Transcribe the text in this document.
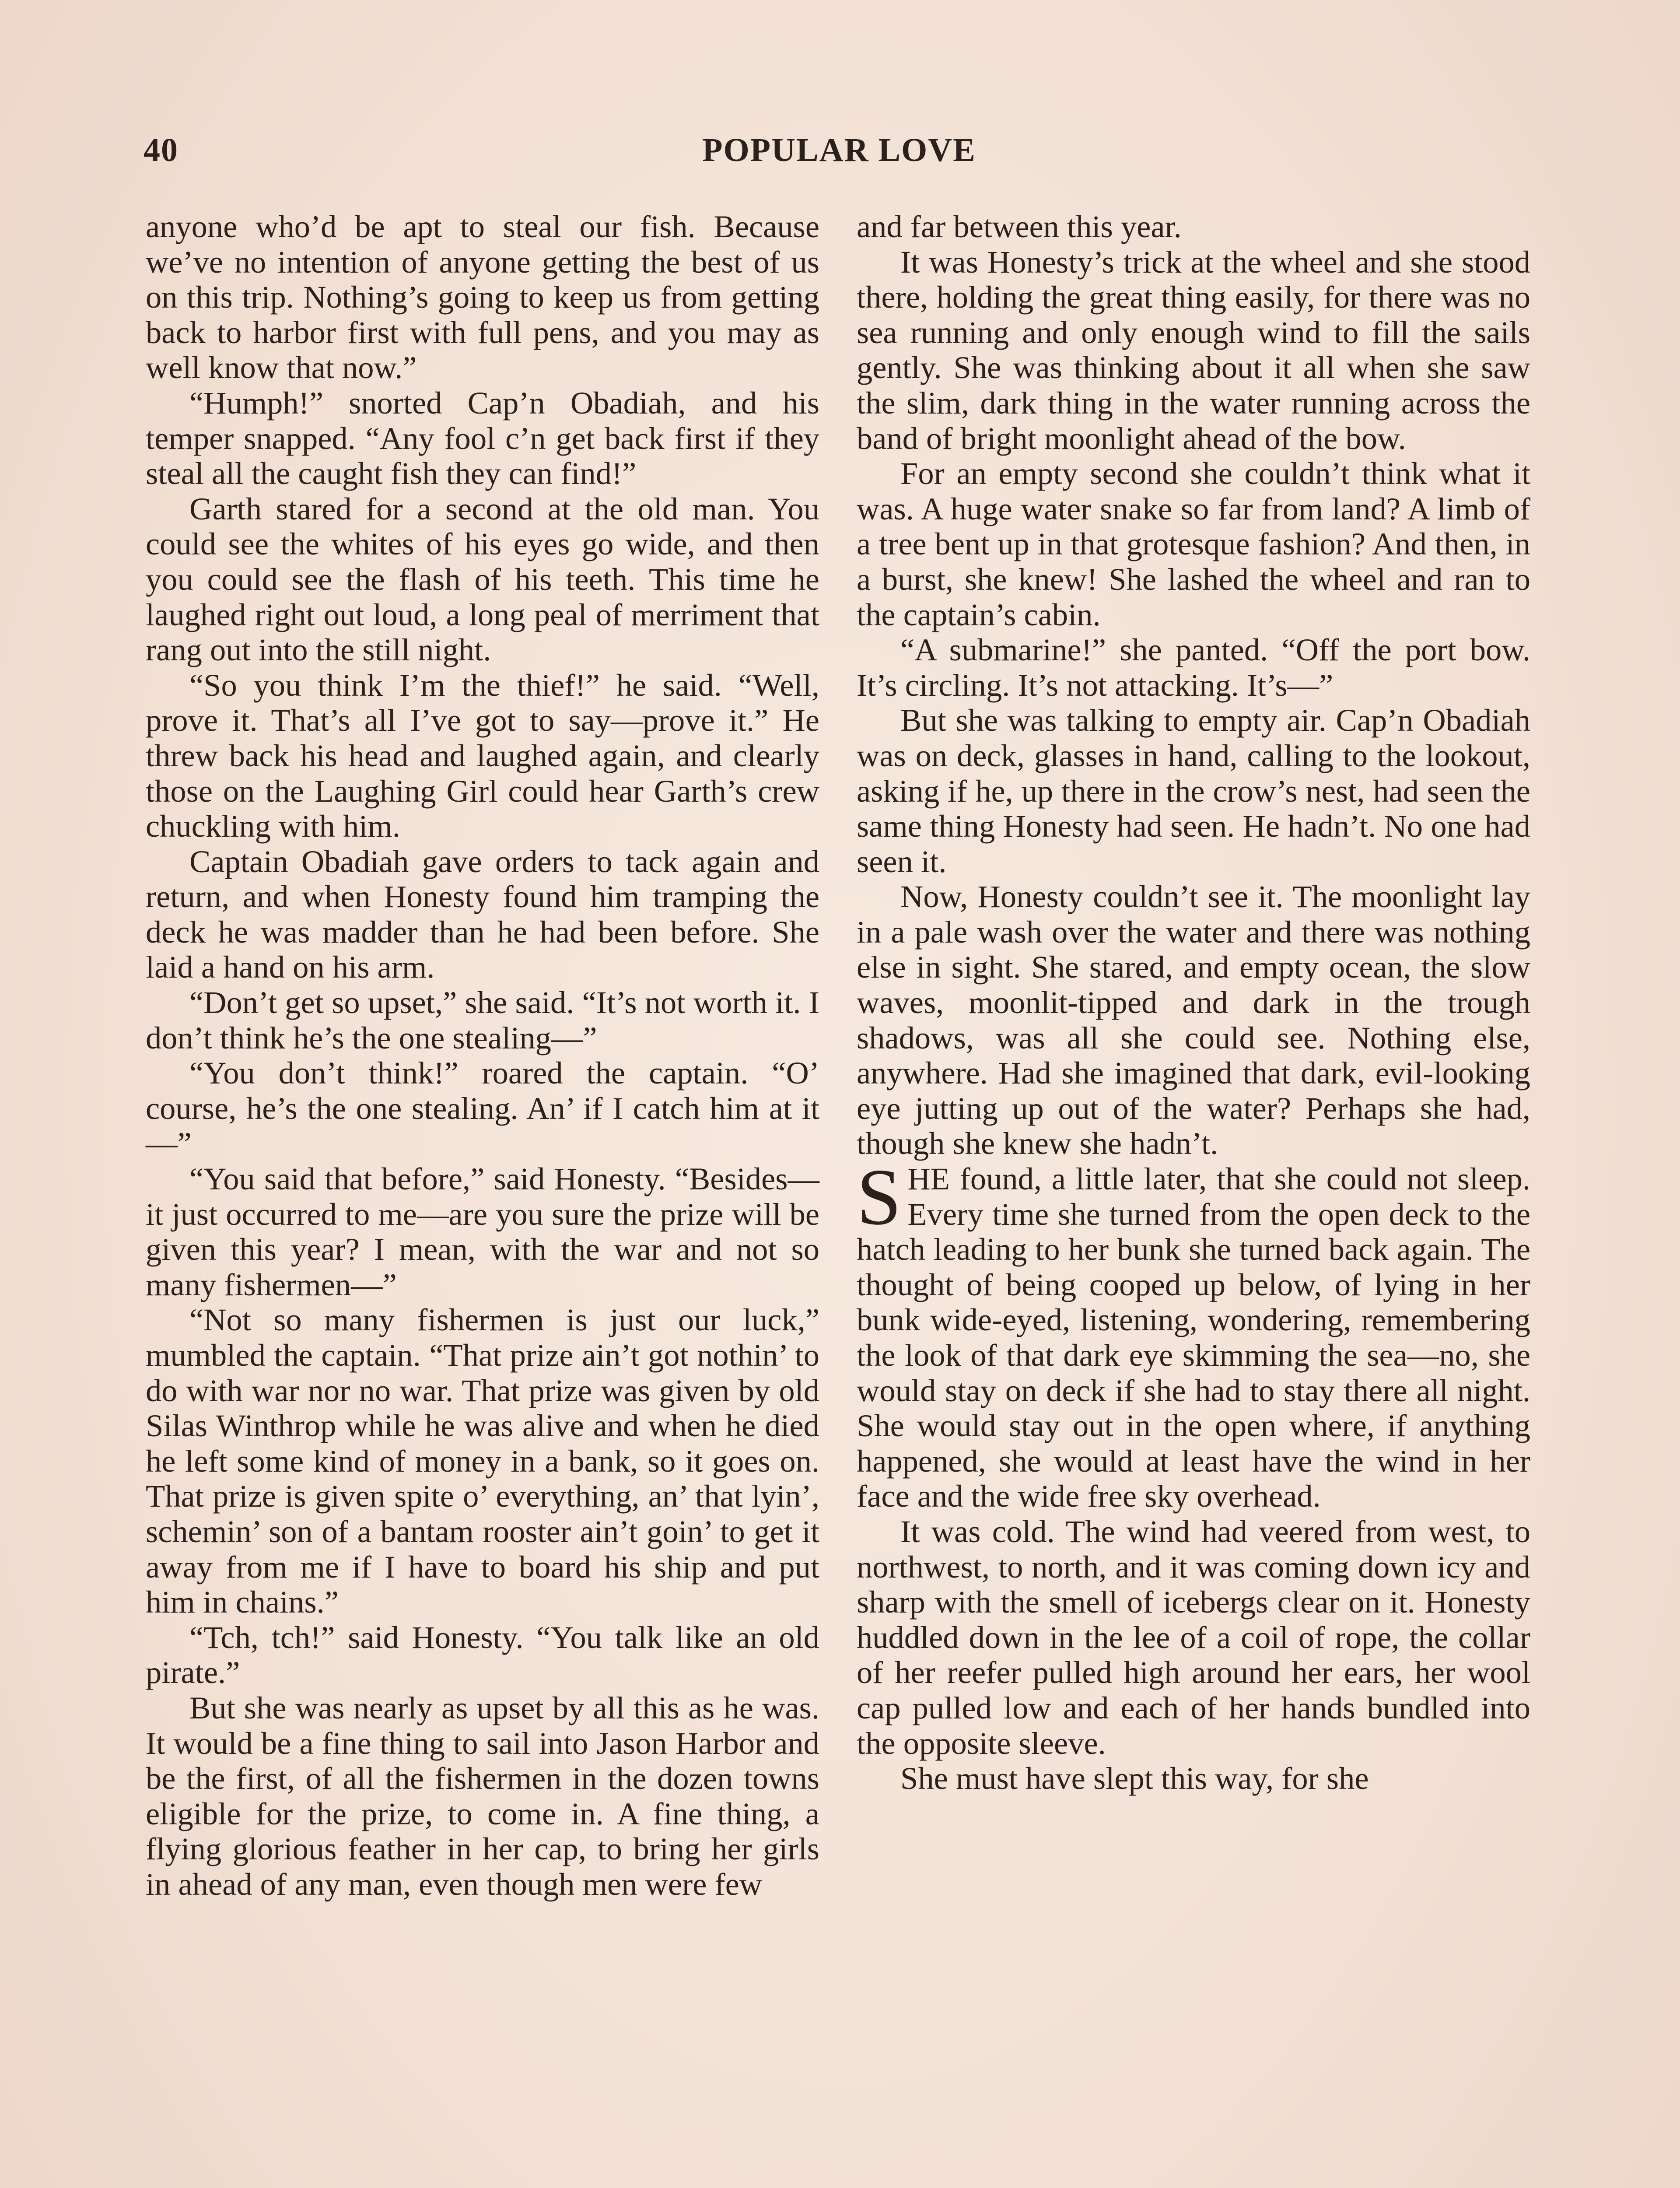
40	POPULAR LOVE

anyone who’d be apt to steal our fish. Because we’ve no intention of anyone getting the best of us on this trip. Nothing’s going to keep us from getting back to harbor first with full pens, and you may as well know that now.”

“Humph!” snorted Cap’n Obadiah, and his temper snapped. “Any fool c’n get back first if they steal all the caught fish they can find!”

Garth stared for a second at the old man. You could see the whites of his eyes go wide, and then you could see the flash of his teeth. This time he laughed right out loud, a long peal of merriment that rang out into the still night.

“So you think I’m the thief!” he said. “Well, prove it. That’s all I’ve got to say—prove it.” He threw back his head and laughed again, and clearly those on the Laughing Girl could hear Garth’s crew chuckling with him.

Captain Obadiah gave orders to tack again and return, and when Honesty found him tramping the deck he was madder than he had been before. She laid a hand on his arm.

“Don’t get so upset,” she said. “It’s not worth it. I don’t think he’s the one stealing—”

“You don’t think!” roared the captain. “O’ course, he’s the one stealing. An’ if I catch him at it—”

“You said that before,” said Honesty. “Besides—it just occurred to me—are you sure the prize will be given this year? I mean, with the war and not so many fishermen—”

“Not so many fishermen is just our luck,” mumbled the captain. “That prize ain’t got nothin’ to do with war nor no war. That prize was given by old Silas Winthrop while he was alive and when he died he left some kind of money in a bank, so it goes on. That prize is given spite o’ everything, an’ that lyin’, schemin’ son of a bantam rooster ain’t goin’ to get it away from me if I have to board his ship and put him in chains.”

“Tch, tch!” said Honesty. “You talk like an old pirate.”

But she was nearly as upset by all this as he was. It would be a fine thing to sail into Jason Harbor and be the first, of all the fishermen in the dozen towns eligible for the prize, to come in. A fine thing, a flying glorious feather in her cap, to bring her girls in ahead of any man, even though men were few

and far between this year.

It was Honesty’s trick at the wheel and she stood there, holding the great thing easily, for there was no sea running and only enough wind to fill the sails gently. She was thinking about it all when she saw the slim, dark thing in the water running across the band of bright moonlight ahead of the bow.

For an empty second she couldn’t think what it was. A huge water snake so far from land? A limb of a tree bent up in that grotesque fashion? And then, in a burst, she knew! She lashed the wheel and ran to the captain’s cabin.

“A submarine!” she panted. “Off the port bow. It’s circling. It’s not attacking. It’s—”

But she was talking to empty air. Cap’n Obadiah was on deck, glasses in hand, calling to the lookout, asking if he, up there in the crow’s nest, had seen the same thing Honesty had seen. He hadn’t. No one had seen it.

Now, Honesty couldn’t see it. The moonlight lay in a pale wash over the water and there was nothing else in sight. She stared, and empty ocean, the slow waves, moonlit-tipped and dark in the trough shadows, was all she could see. Nothing else, anywhere. Had she imagined that dark, evil-looking eye jutting up out of the water? Perhaps she had, though she knew she hadn’t.

SHE found, a little later, that she could not sleep. Every time she turned from the open deck to the hatch leading to her bunk she turned back again. The thought of being cooped up below, of lying in her bunk wide-eyed, listening, wondering, remembering the look of that dark eye skimming the sea—no, she would stay on deck if she had to stay there all night. She would stay out in the open where, if anything happened, she would at least have the wind in her face and the wide free sky overhead.

It was cold. The wind had veered from west, to northwest, to north, and it was coming down icy and sharp with the smell of icebergs clear on it. Honesty huddled down in the lee of a coil of rope, the collar of her reefer pulled high around her ears, her wool cap pulled low and each of her hands bundled into the opposite sleeve.

She must have slept this way, for she
